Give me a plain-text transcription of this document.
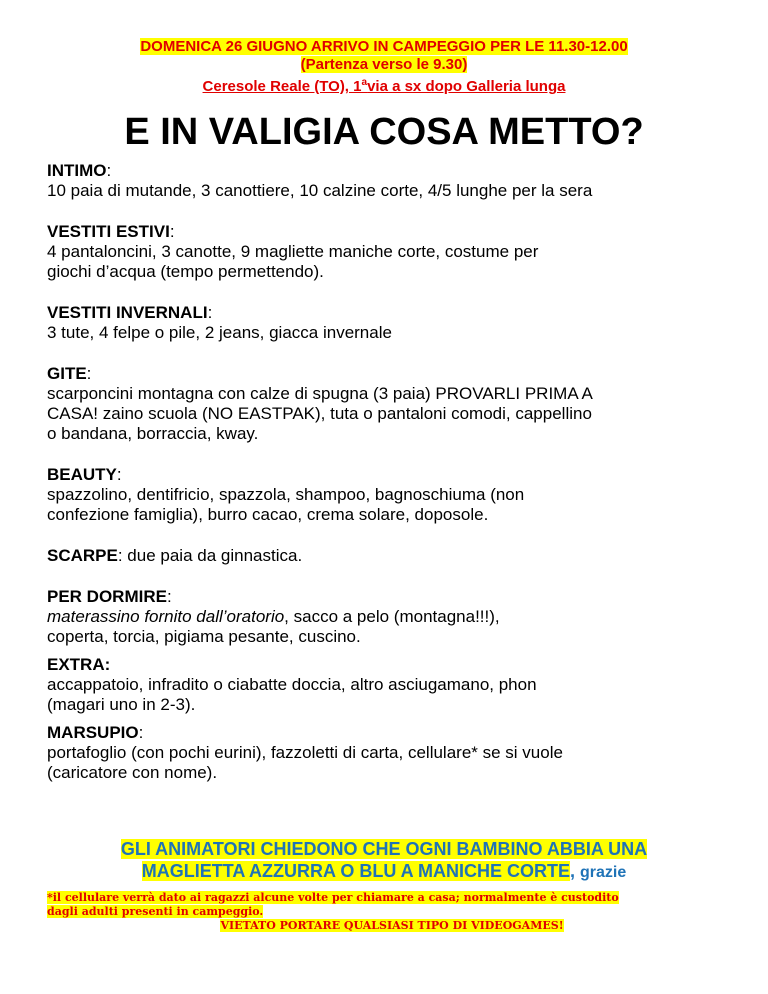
DOMENICA 26 GIUGNO ARRIVO IN CAMPEGGIO PER LE 11.30-12.00
(Partenza verso le 9.30)
Ceresole Reale (TO), 1$^a$via a sx dopo Galleria lunga
E IN VALIGIA COSA METTO?

INTIMO:

10 paia di mutande, 3 canottiere, 10 calzine corte, 4/5 lunghe per la sera

VESTITI ESTIVI:

4 pantaloncini, 3 canotte, 9 magliette maniche corte, costume per

giochi d’acqua (tempo permettendo).

VESTITI INVERNALI:

3 tute, 4 felpe o pile, 2 jeans, giacca invernale

GITE:

scarponcini montagna con calze di spugna (3 paia) PROVARLI PRIMA A

CASA! zaino scuola (NO EASTPAK), tuta o pantaloni comodi, cappellino

o bandana, borraccia, kway.

BEAUTY:

spazzolino, dentifricio, spazzola, shampoo, bagnoschiuma (non

confezione famiglia), burro cacao, crema solare, doposole.

SCARPE: due paia da ginnastica.

PER DORMIRE:

materassino fornito dall’oratorio, sacco a pelo (montagna!!!),

coperta, torcia, pigiama pesante, cuscino.

EXTRA:

accappatoio, infradito o ciabatte doccia, altro asciugamano, phon

(magari uno in 2-3).

MARSUPIO:

portafoglio (con pochi eurini), fazzoletti di carta, cellulare* se si vuole

(caricatore con nome).

GLI ANIMATORI CHIEDONO CHE OGNI BAMBINO ABBIA UNA
MAGLIETTA AZZURRA O BLU A MANICHE CORTE, grazie
*il cellulare verrà dato ai ragazzi alcune volte per chiamare a casa; normalmente è custodito
dagli adulti presenti in campeggio.
VIETATO PORTARE QUALSIASI TIPO DI VIDEOGAMES!
